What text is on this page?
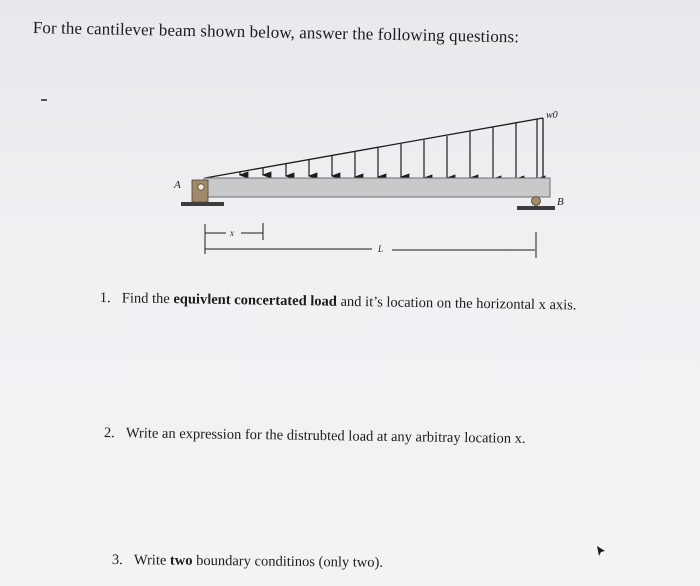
For the cantilever beam shown below, answer the following questions:
w0
A
B
x
L
1. Find the equivlent concertated load and it’s location on the horizontal x axis.
2. Write an expression for the distrubted load at any arbitray location x.
3. Write two boundary conditinos (only two).
